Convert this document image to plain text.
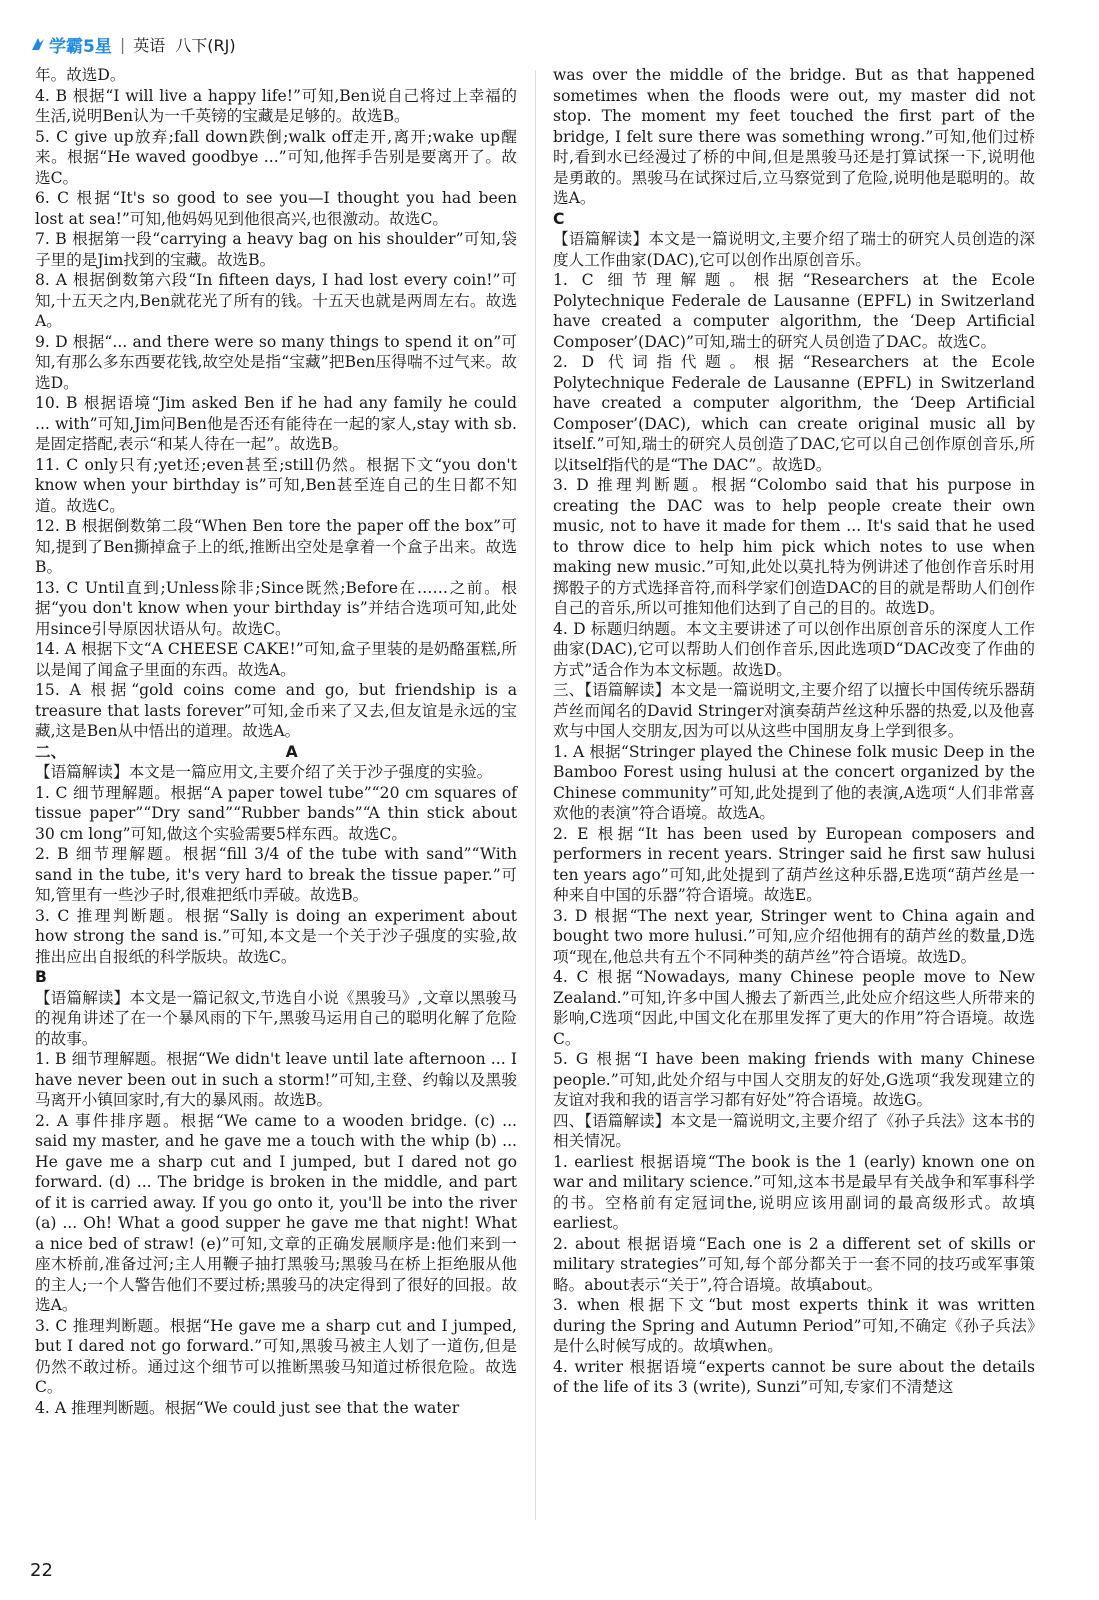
学霸5星 | 英语 八下(RJ)

年。故选D。

4. B 根据“I will live a happy life!”可知,Ben说自己将过上幸福的生活,说明Ben认为一千英镑的宝藏是足够的。故选B。

5. C give up放弃;fall down跌倒;walk off走开,离开;wake up醒来。根据“He waved goodbye ...”可知,他挥手告别是要离开了。故选C。

6. C 根据“It's so good to see you—I thought you had been lost at sea!”可知,他妈妈见到他很高兴,也很激动。故选C。

7. B 根据第一段“carrying a heavy bag on his shoulder”可知,袋子里的是Jim找到的宝藏。故选B。

8. A 根据倒数第六段“In fifteen days, I had lost every coin!”可知,十五天之内,Ben就花光了所有的钱。十五天也就是两周左右。故选A。

9. D 根据“... and there were so many things to spend it on”可知,有那么多东西要花钱,故空处是指“宝藏”把Ben压得喘不过气来。故选D。

10. B 根据语境“Jim asked Ben if he had any family he could ... with”可知,Jim问Ben他是否还有能待在一起的家人,stay with sb.是固定搭配,表示“和某人待在一起”。故选B。

11. C only只有;yet还;even甚至;still仍然。根据下文“you don't know when your birthday is”可知,Ben甚至连自己的生日都不知道。故选C。

12. B 根据倒数第二段“When Ben tore the paper off the box”可知,提到了Ben撕掉盒子上的纸,推断出空处是拿着一个盒子出来。故选B。

13. C Until直到;Unless除非;Since既然;Before在……之前。根据“you don't know when your birthday is”并结合选项可知,此处用since引导原因状语从句。故选C。

14. A 根据下文“A CHEESE CAKE!”可知,盒子里装的是奶酪蛋糕,所以是闻了闻盒子里面的东西。故选A。

15. A 根据“gold coins come and go, but friendship is a treasure that lasts forever”可知,金币来了又去,但友谊是永远的宝藏,这是Ben从中悟出的道理。故选A。

二、	A

【语篇解读】本文是一篇应用文,主要介绍了关于沙子强度的实验。

1. C 细节理解题。根据“A paper towel tube”“20 cm squares of tissue paper”“Dry sand”“Rubber bands”“A thin stick about 30 cm long”可知,做这个实验需要5样东西。故选C。

2. B 细节理解题。根据“fill 3/4 of the tube with sand”“With sand in the tube, it's very hard to break the tissue paper.”可知,管里有一些沙子时,很难把纸巾弄破。故选B。

3. C 推理判断题。根据“Sally is doing an experiment about how strong the sand is.”可知,本文是一个关于沙子强度的实验,故推出应出自报纸的科学版块。故选C。

B

【语篇解读】本文是一篇记叙文,节选自小说《黑骏马》,文章以黑骏马的视角讲述了在一个暴风雨的下午,黑骏马运用自己的聪明化解了危险的故事。

1. B 细节理解题。根据“We didn't leave until late afternoon ... I have never been out in such a storm!”可知,主登、约翰以及黑骏马离开小镇回家时,有大的暴风雨。故选B。

2. A 事件排序题。根据“We came to a wooden bridge. (c) ... said my master, and he gave me a touch with the whip (b) ... He gave me a sharp cut and I jumped, but I dared not go forward. (d) ... The bridge is broken in the middle, and part of it is carried away. If you go onto it, you'll be into the river (a) ... Oh! What a good supper he gave me that night! What a nice bed of straw! (e)”可知,文章的正确发展顺序是:他们来到一座木桥前,准备过河;主人用鞭子抽打黑骏马;黑骏马在桥上拒绝服从他的主人;一个人警告他们不要过桥;黑骏马的决定得到了很好的回报。故选A。

3. C 推理判断题。根据“He gave me a sharp cut and I jumped, but I dared not go forward.”可知,黑骏马被主人划了一道伤,但是仍然不敢过桥。通过这个细节可以推断黑骏马知道过桥很危险。故选C。

4. A 推理判断题。根据“We could just see that the water

was over the middle of the bridge. But as that happened sometimes when the floods were out, my master did not stop. The moment my feet touched the first part of the bridge, I felt sure there was something wrong.”可知,他们过桥时,看到水已经漫过了桥的中间,但是黑骏马还是打算试探一下,说明他是勇敢的。黑骏马在试探过后,立马察觉到了危险,说明他是聪明的。故选A。

C

【语篇解读】本文是一篇说明文,主要介绍了瑞士的研究人员创造的深度人工作曲家(DAC),它可以创作出原创音乐。

1. C 细节理解题。根据“Researchers at the Ecole Polytechnique Federale de Lausanne (EPFL) in Switzerland have created a computer algorithm, the ‘Deep Artificial Composer’(DAC)”可知,瑞士的研究人员创造了DAC。故选C。

2. D 代词指代题。根据“Researchers at the Ecole Polytechnique Federale de Lausanne (EPFL) in Switzerland have created a computer algorithm, the ‘Deep Artificial Composer’(DAC), which can create original music all by itself.”可知,瑞士的研究人员创造了DAC,它可以自己创作原创音乐,所以itself指代的是“The DAC”。故选D。

3. D 推理判断题。根据“Colombo said that his purpose in creating the DAC was to help people create their own music, not to have it made for them ... It's said that he used to throw dice to help him pick which notes to use when making new music.”可知,此处以莫扎特为例讲述了他创作音乐时用掷骰子的方式选择音符,而科学家们创造DAC的目的就是帮助人们创作自己的音乐,所以可推知他们达到了自己的目的。故选D。

4. D 标题归纳题。本文主要讲述了可以创作出原创音乐的深度人工作曲家(DAC),它可以帮助人们创作音乐,因此选项D“DAC改变了作曲的方式”适合作为本文标题。故选D。

三、【语篇解读】本文是一篇说明文,主要介绍了以擅长中国传统乐器葫芦丝而闻名的David Stringer对演奏葫芦丝这种乐器的热爱,以及他喜欢与中国人交朋友,因为可以从这些中国朋友身上学到很多。

1. A 根据“Stringer played the Chinese folk music Deep in the Bamboo Forest using hulusi at the concert organized by the Chinese community”可知,此处提到了他的表演,A选项“人们非常喜欢他的表演”符合语境。故选A。

2. E 根据“It has been used by European composers and performers in recent years. Stringer said he first saw hulusi ten years ago”可知,此处提到了葫芦丝这种乐器,E选项“葫芦丝是一种来自中国的乐器”符合语境。故选E。

3. D 根据“The next year, Stringer went to China again and bought two more hulusi.”可知,应介绍他拥有的葫芦丝的数量,D选项“现在,他总共有五个不同种类的葫芦丝”符合语境。故选D。

4. C 根据“Nowadays, many Chinese people move to New Zealand.”可知,许多中国人搬去了新西兰,此处应介绍这些人所带来的影响,C选项“因此,中国文化在那里发挥了更大的作用”符合语境。故选C。

5. G 根据“I have been making friends with many Chinese people.”可知,此处介绍与中国人交朋友的好处,G选项“我发现建立的友谊对我和我的语言学习都有好处”符合语境。故选G。

四、【语篇解读】本文是一篇说明文,主要介绍了《孙子兵法》这本书的相关情况。

1. earliest 根据语境“The book is the 1 (early) known one on war and military science.”可知,这本书是最早有关战争和军事科学的书。空格前有定冠词the,说明应该用副词的最高级形式。故填earliest。

2. about 根据语境“Each one is 2 a different set of skills or military strategies”可知,每个部分都关于一套不同的技巧或军事策略。about表示“关于”,符合语境。故填about。

3. when 根据下文“but most experts think it was written during the Spring and Autumn Period”可知,不确定《孙子兵法》是什么时候写成的。故填when。

4. writer 根据语境“experts cannot be sure about the details of the life of its 3 (write), Sunzi”可知,专家们不清楚这

22
